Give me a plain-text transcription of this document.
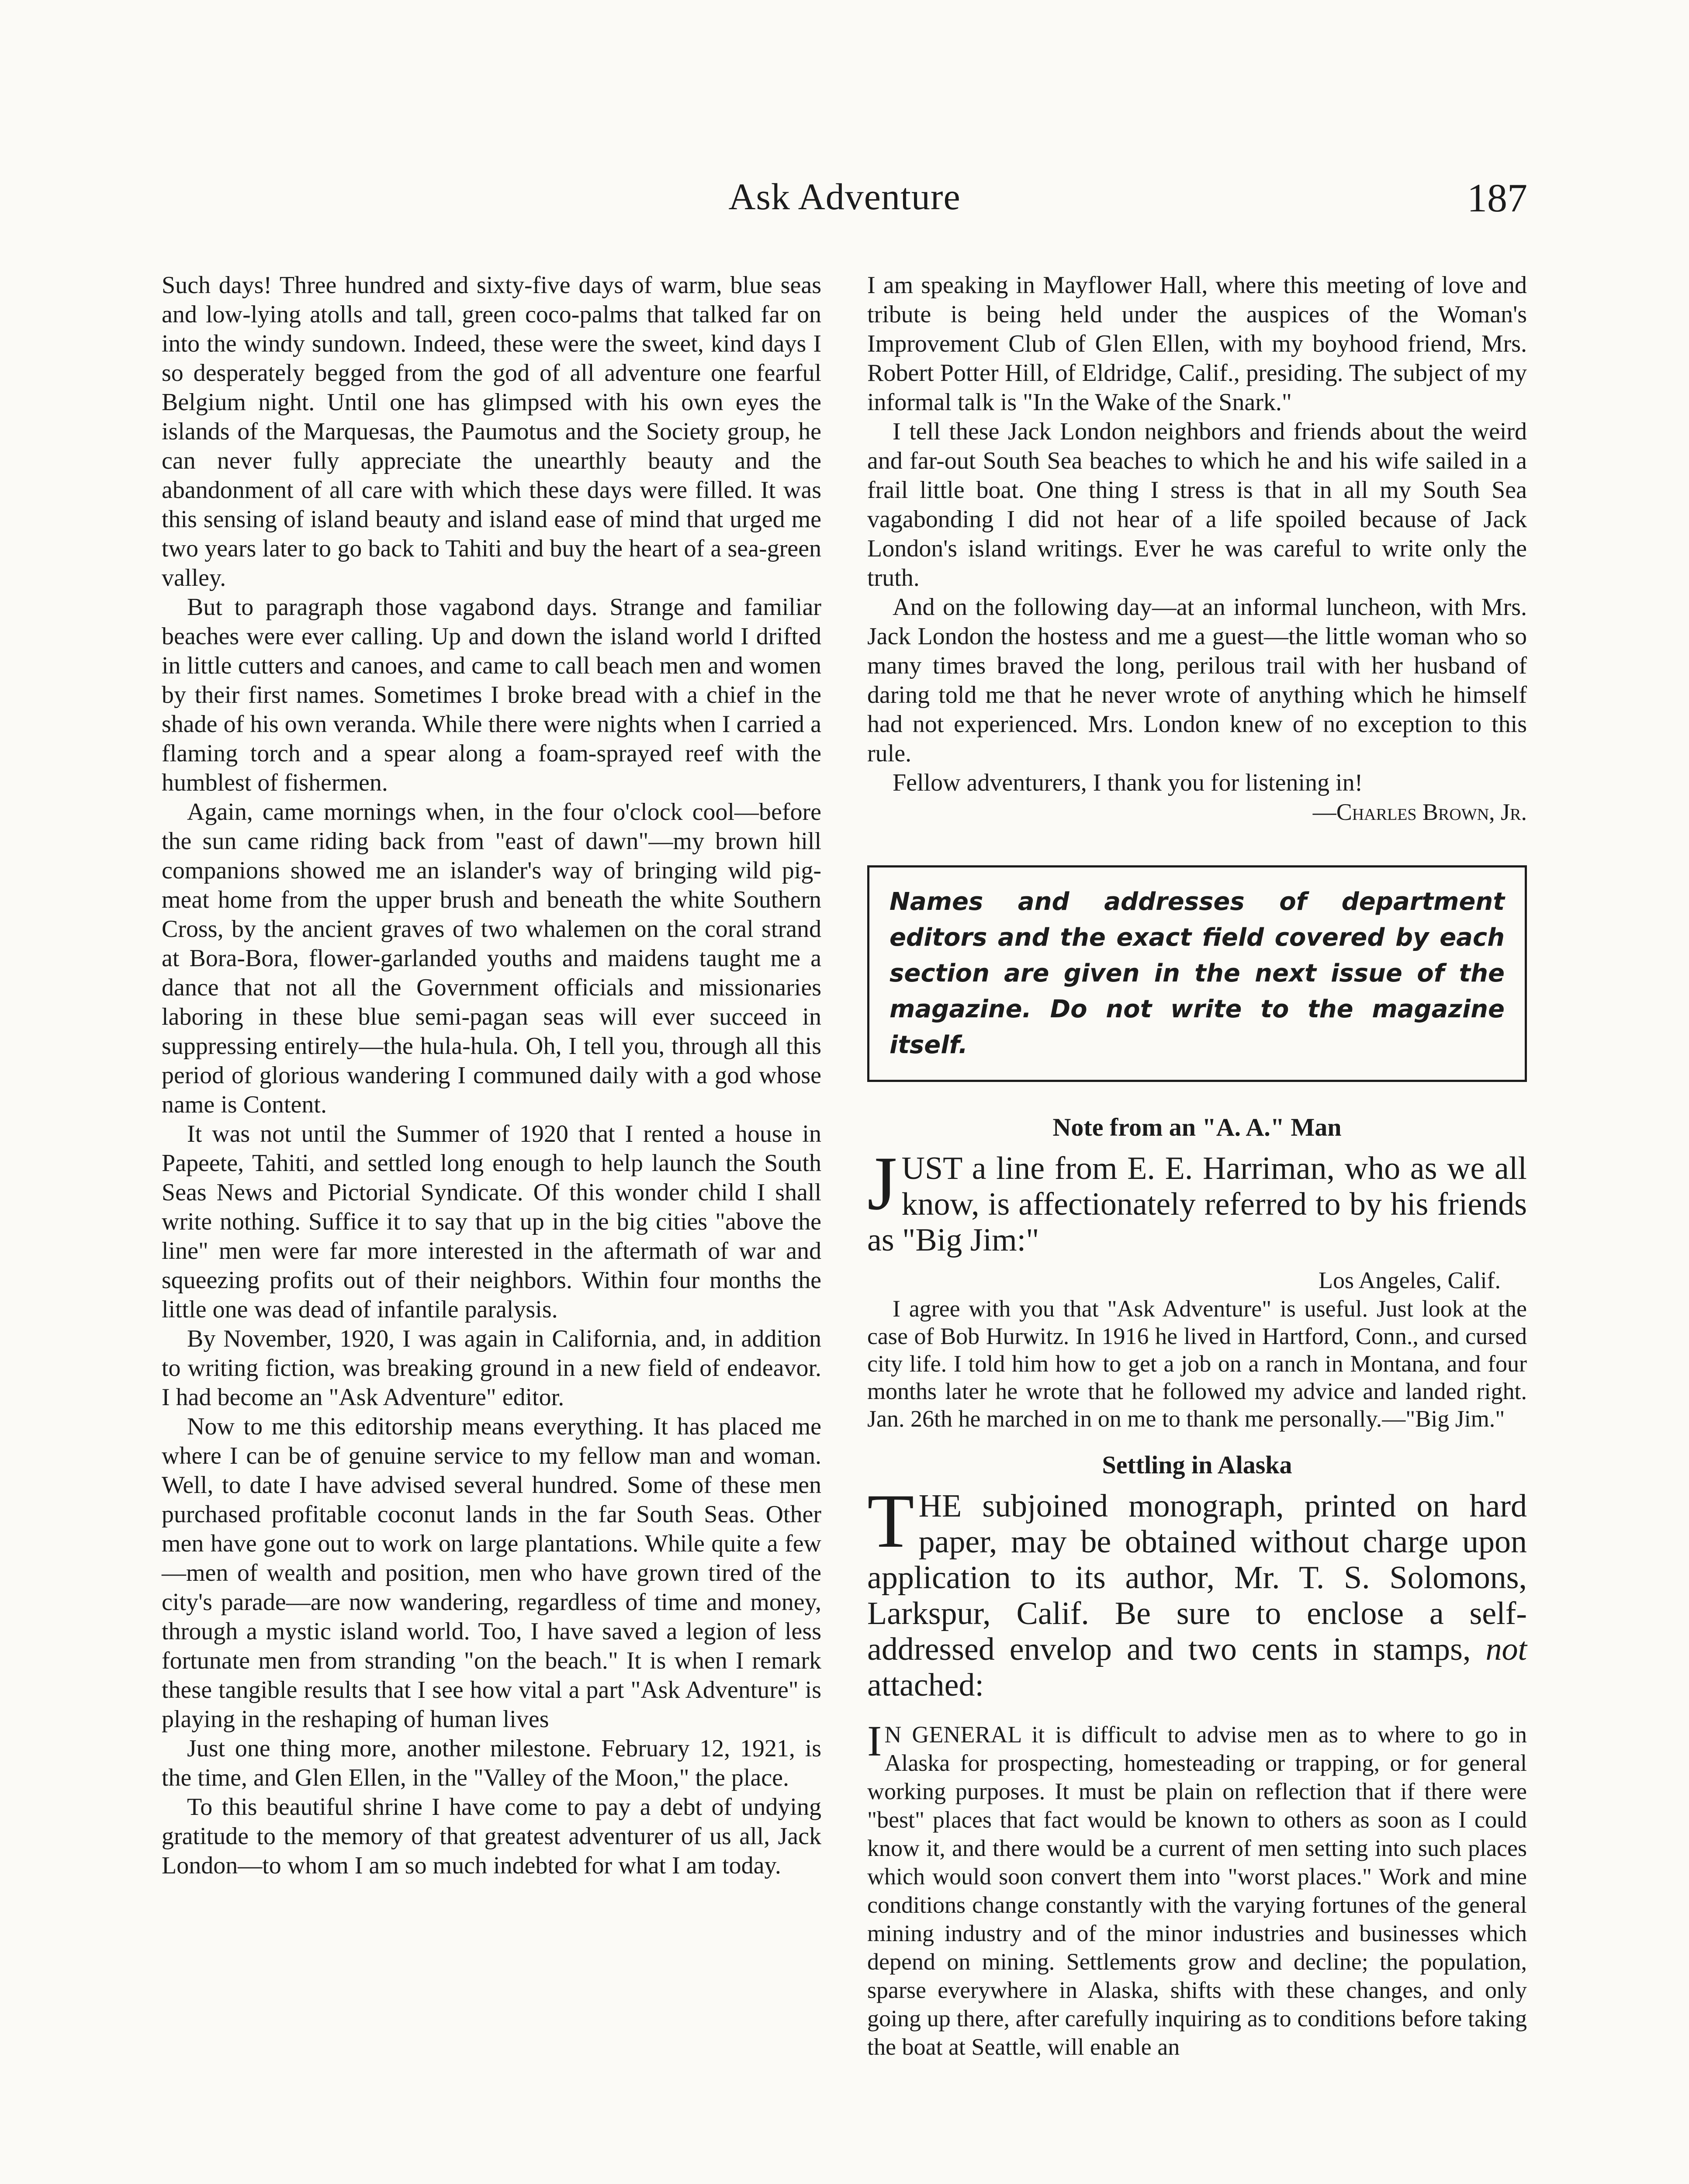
Ask Adventure	187

Such days! Three hundred and sixty-five days of warm, blue seas and low-lying atolls and tall, green coco-palms that talked far on into the windy sundown. Indeed, these were the sweet, kind days I so desperately begged from the god of all adventure one fearful Belgium night. Until one has glimpsed with his own eyes the islands of the Marquesas, the Paumotus and the Society group, he can never fully appreciate the unearthly beauty and the abandonment of all care with which these days were filled. It was this sensing of island beauty and island ease of mind that urged me two years later to go back to Tahiti and buy the heart of a sea-green valley.

But to paragraph those vagabond days. Strange and familiar beaches were ever calling. Up and down the island world I drifted in little cutters and canoes, and came to call beach men and women by their first names. Sometimes I broke bread with a chief in the shade of his own veranda. While there were nights when I carried a flaming torch and a spear along a foam-sprayed reef with the humblest of fishermen.

Again, came mornings when, in the four o'clock cool—before the sun came riding back from "east of dawn"—my brown hill companions showed me an islander's way of bringing wild pig-meat home from the upper brush and beneath the white Southern Cross, by the ancient graves of two whalemen on the coral strand at Bora-Bora, flower-garlanded youths and maidens taught me a dance that not all the Government officials and missionaries laboring in these blue semi-pagan seas will ever succeed in suppressing entirely—the hula-hula. Oh, I tell you, through all this period of glorious wandering I communed daily with a god whose name is Content.

It was not until the Summer of 1920 that I rented a house in Papeete, Tahiti, and settled long enough to help launch the South Seas News and Pictorial Syndicate. Of this wonder child I shall write nothing. Suffice it to say that up in the big cities "above the line" men were far more interested in the aftermath of war and squeezing profits out of their neighbors. Within four months the little one was dead of infantile paralysis.

By November, 1920, I was again in California, and, in addition to writing fiction, was breaking ground in a new field of endeavor. I had become an "Ask Adventure" editor.

Now to me this editorship means everything. It has placed me where I can be of genuine service to my fellow man and woman. Well, to date I have advised several hundred. Some of these men purchased profitable coconut lands in the far South Seas. Other men have gone out to work on large plantations. While quite a few—men of wealth and position, men who have grown tired of the city's parade—are now wandering, regardless of time and money, through a mystic island world. Too, I have saved a legion of less fortunate men from stranding "on the beach." It is when I remark these tangible results that I see how vital a part "Ask Adventure" is playing in the reshaping of human lives

Just one thing more, another milestone. February 12, 1921, is the time, and Glen Ellen, in the "Valley of the Moon," the place.

To this beautiful shrine I have come to pay a debt of undying gratitude to the memory of that greatest adventurer of us all, Jack London—to whom I am so much indebted for what I am today.

I am speaking in Mayflower Hall, where this meeting of love and tribute is being held under the auspices of the Woman's Improvement Club of Glen Ellen, with my boyhood friend, Mrs. Robert Potter Hill, of Eldridge, Calif., presiding. The subject of my informal talk is "In the Wake of the Snark."

I tell these Jack London neighbors and friends about the weird and far-out South Sea beaches to which he and his wife sailed in a frail little boat. One thing I stress is that in all my South Sea vagabonding I did not hear of a life spoiled because of Jack London's island writings. Ever he was careful to write only the truth.

And on the following day—at an informal luncheon, with Mrs. Jack London the hostess and me a guest—the little woman who so many times braved the long, perilous trail with her husband of daring told me that he never wrote of anything which he himself had not experienced. Mrs. London knew of no exception to this rule.

Fellow adventurers, I thank you for listening in!

—Charles Brown, Jr.

Names and addresses of department editors and the exact field covered by each section are given in the next issue of the magazine. Do not write to the magazine itself.
Note from an "A. A." Man
J UST a line from E. E. Harriman, who as we all know, is affectionately referred to by his friends as "Big Jim:"
Los Angeles, Calif.

I agree with you that "Ask Adventure" is useful. Just look at the case of Bob Hurwitz. In 1916 he lived in Hartford, Conn., and cursed city life. I told him how to get a job on a ranch in Montana, and four months later he wrote that he followed my advice and landed right. Jan. 26th he marched in on me to thank me personally.—"Big Jim."

Settling in Alaska
T HE subjoined monograph, printed on hard paper, may be obtained without charge upon application to its author, Mr. T. S. Solomons, Larkspur, Calif. Be sure to enclose a self-addressed envelop and two cents in stamps, not attached:
I N GENERAL it is difficult to advise men as to where to go in Alaska for prospecting, homesteading or trapping, or for general working purposes. It must be plain on reflection that if there were "best" places that fact would be known to others as soon as I could know it, and there would be a current of men setting into such places which would soon convert them into "worst places." Work and mine conditions change constantly with the varying fortunes of the general mining industry and of the minor industries and businesses which depend on mining. Settlements grow and decline; the population, sparse everywhere in Alaska, shifts with these changes, and only going up there, after carefully inquiring as to conditions before taking the boat at Seattle, will enable an
